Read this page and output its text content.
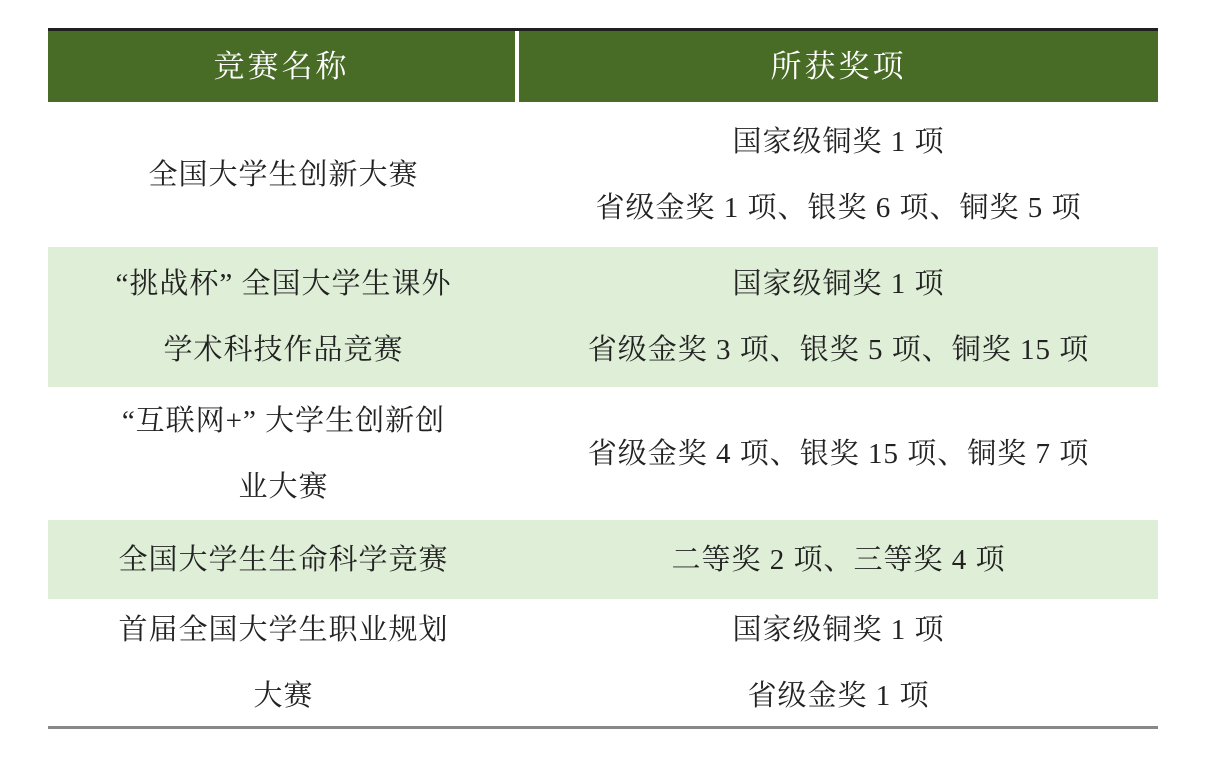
竞赛名称	所获奖项
全国大学生创新大赛
国家级铜奖 1 项
省级金奖 1 项、银奖 6 项、铜奖 5 项
“挑战杯” 全国大学生课外
学术科技作品竞赛
国家级铜奖 1 项
省级金奖 3 项、银奖 5 项、铜奖 15 项
“互联网+” 大学生创新创
业大赛
省级金奖 4 项、银奖 15 项、铜奖 7 项
全国大学生生命科学竞赛	二等奖 2 项、三等奖 4 项
首届全国大学生职业规划
大赛
国家级铜奖 1 项
省级金奖 1 项
